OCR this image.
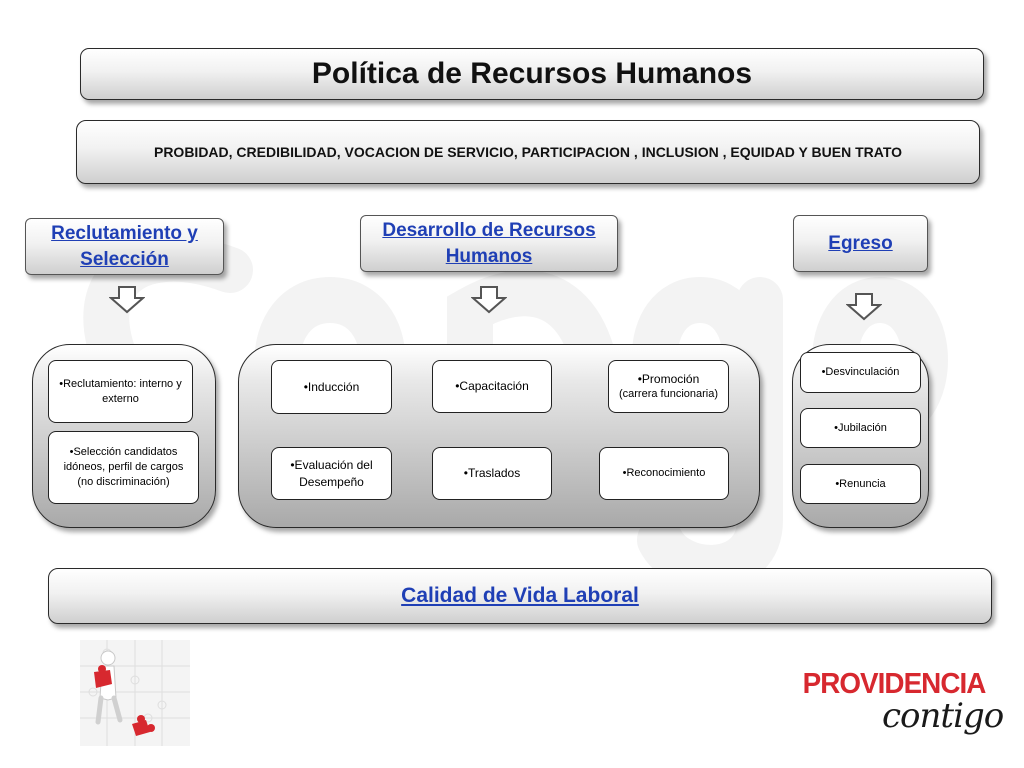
Política de Recursos Humanos
PROBIDAD, CREDIBILIDAD, VOCACION DE SERVICIO, PARTICIPACION , INCLUSION , EQUIDAD Y BUEN TRATO
Reclutamiento y Selección
Desarrollo de Recursos Humanos
Egreso
•Reclutamiento: interno y externo
•Selección candidatos idóneos, perfil de cargos (no discriminación)
•Inducción	•Capacitación
•Promoción
(carrera funcionaria)
•Evaluación del Desempeño
•Traslados	•Reconocimiento
•Desvinculación
•Jubilación
•Renuncia
Calidad de Vida Laboral
PROVIDENCIA
contigo
